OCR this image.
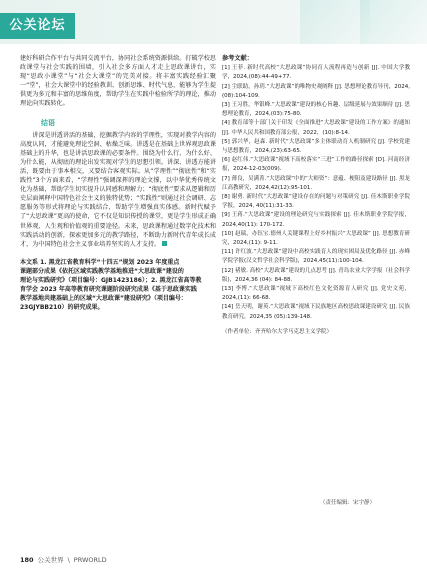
公关论坛

建好科研合作平台与共同交流平台，协同社会系统资源供给。打破学校思政课堂与社会实践的围墙，引入社会多方面人才走上思政课讲台，实现“思政小课堂”与“社会大课堂”的完美对接。将丰富实践经验汇聚一“堂”，社会大课堂中的经验教训、创新思维、时代气息，能够为学生提供更为多元和丰富的思维角度，帮助学生在实践中检验所学的理论，推动理论向实践转化。

结语

讲深是讲透讲活的基础，挖掘教学内容的学理性，实现对教学内容的高度认同，才能避免理论空洞、枯燥乏味。讲透是在基础上世界观思政课基础上的升华，也是讲活思政课的必要条件。围绕为什么行、为什么好、为什么能，从彻底的理论出发实现对学生的思想引领。讲深、讲透方能讲活，既要由于事本相交，又要结合客观实际。从“学理性”“彻底性”和“实践性”3个方面来看，“学理性”强调深挥的理论文撑，以中华优秀传统文化为基础，帮助学生切实提升认同感和理解力；“彻底性”要求从逻辑和历史层面阐释中国特色社会主义的独特优势；“实践性”则通过社会调研、志愿服务等形式将理论与实践结合，帮助学生增强真实体感。新时代赋予了“大思政课”更高的使命，它不仅是知识传授的课堂，更是学生形成正确世界观、人生观和价值观的重要途径。未来，思政课程通过数字化技术和实践活动的创新，探索更加多元的教学路径，不断助力新时代青年成长成才，为中国特色社会主义事业培养坚实的人才支持。

本文系 1. 黑龙江省教育科学“十四五”规划 2023 年度重点
课题部分成果《依托区域实践教学基地推进“大思政课”建设的
理论与实践研究》（项目编号：GJB1423186）；2. 黑龙江省高等教
育学会 2023 年高等教育研究课题阶段研究成果《基于思政课实践
教学基地共建基础上的区域“大思政课”建设研究》（项目编号：
23GJYBB210）的研究成果。
参考文献：
[1] 王菲. 新时代高校“大思政课”协同育人流程再造与创新 [J]. 中国大学教学，2024,(08):44-49+77.
[2] 尘联助，孙玥.“大思政课”的唯物史观阐释 [J]. 思想理论教育导刊，2024,(08):104-109.
[3] 王习胜，华银峰.“大思政课”建设的核心旨趣、层级延展与效果顺待 [J]. 思想理论教育，2024,(03):75-80.
[4] 教育部等十部门关于印发《全面推进“大思政课”建设的工作方案》的通知 [J]. 中华人民共和国教育部公报，2022，(10):8-14.
[5] 郭兴华，赵森. 新时代“大思政课”多主体联动育人机制研究 [J]. 学校党建与思想教育，2024,(23):63-65.
[6] 赵红伟.“大思政课”视域下高校落实“三进”工作的路径探索 [D]. 河南经济报，2024-12-03(009).
[7] 薄良，吴满菁.“大思政课”中的“大师资”：意蕴、梗阻及建设路径 [J]. 黑龙江高教研究，2024,42(12):95-101.
[8] 谢勇. 新时代“大思政课”建设存在的问题与对策研究 [J]. 佳木斯职业学院学报，2024, 40(11):31-33.
[9] 王蒋.“大思政课”建设的理论研究与实践探索 [J]. 佳木斯职业学院学报，2024,40(11): 170-172.
[10] 赵瑞，办钰宝.德州人关键课程上好乡村振兴“大思政课” [J]. 思想教育研究，2024,(11): 9-11.
[11] 许红波.“大思政课”建设中高校实践育人的现实困局及优化路径 [J]. 赤峰学院学报(汉文哲学社会科学版)，2024,45(11):100-104.
[12] 褚敏. 高校“大思政课”建设的几点思考 [J]. 青岛农业大学学报（社会科学版)，2024,36 (04): 84-88.
[13] 李博.“大思政课”视域下高校红色文化资源育人研究 [J]. 党史文苑，2024,(11): 66-68.
[14] 岳天明，谢英.“大思政课”视域下民族地区高校思政课建设研究 [J]. 民族教育研究，2024,35 (05):139-148.
（作者单位：齐齐哈尔大学马克思主义学院）
（责任编辑：宋宇静）
180 公关世界 \ PRWORLD
